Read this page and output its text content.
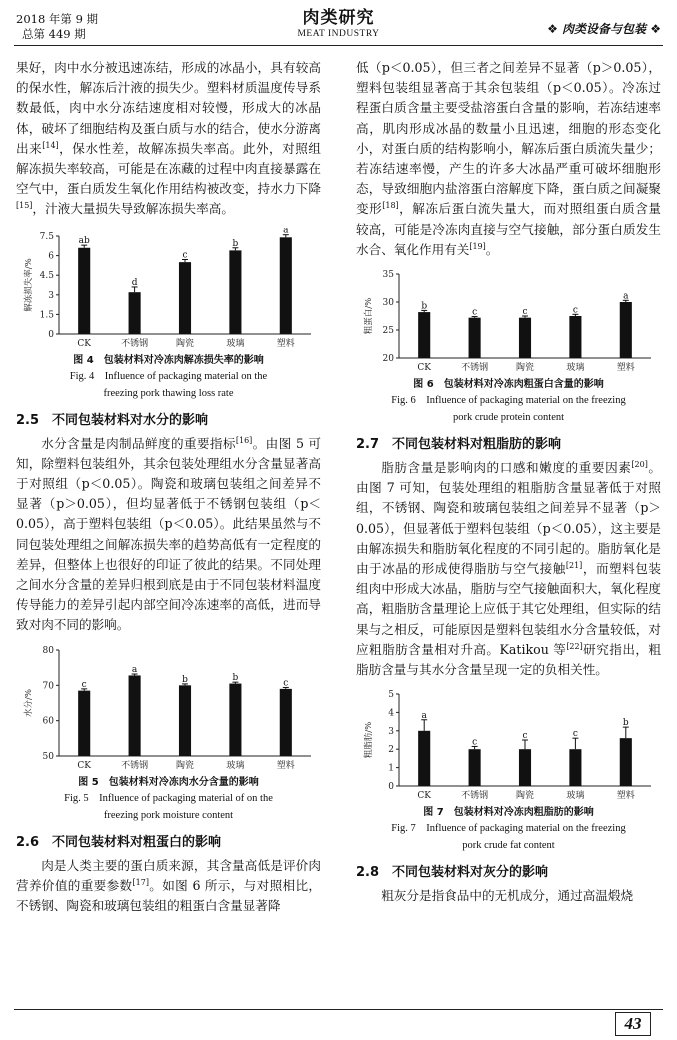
2018 年第 9 期
总第 449 期
肉类研究
MEAT INDUSTRY	❖ 肉类设备与包装 ❖

果好，肉中水分被迅速冻结，形成的冰晶小，具有较高的保水性，解冻后汁液的损失少。塑料材质温度传导系数最低，肉中水分冻结速度相对较慢，形成大的冰晶体，破坏了细胞结构及蛋白质与水的结合，使水分游离出来[14]，保水性差，故解冻损失率高。此外，对照组解冻损失率较高，可能是在冻藏的过程中肉直接暴露在空气中，蛋白质发生氧化作用结构被改变，持水力下降[15]，汁液大量损失导致解冻损失率高。

0
1.5
3
4.5
6
7.5
解冻损失率/%
ab
CK
d
不锈钢
c
陶瓷
b
玻璃
a
塑料
图 4　包装材料对冷冻肉解冻损失率的影响
Fig. 4　Influence of packaging material on the
freezing pork thawing loss rate
2.5　不同包装材料对水分的影响

水分含量是肉制品鲜度的重要指标[16]。由图 5 可知，除塑料包装组外，其余包装处理组水分含量显著高于对照组（p＜0.05）。陶瓷和玻璃包装组之间差异不显著（p＞0.05），但均显著低于不锈钢包装组（p＜0.05），高于塑料包装组（p＜0.05）。此结果虽然与不同包装处理组之间解冻损失率的趋势高低有一定程度的差异，但整体上也很好的印证了彼此的结果。不同处理之间水分含量的差异归根到底是由于不同包装材料温度传导能力的差异引起内部空间冷冻速率的高低，进而导致对肉不同的影响。

50
60
70
80
水分/%
c
CK
a
不锈钢
b
陶瓷
b
玻璃
c
塑料
图 5　包装材料对冷冻肉水分含量的影响
Fig. 5　Influence of packaging material of on the
freezing pork moisture content
2.6　不同包装材料对粗蛋白的影响

肉是人类主要的蛋白质来源，其含量高低是评价肉营养价值的重要参数[17]。如图 6 所示，与对照相比，不锈钢、陶瓷和玻璃包装组的粗蛋白含量显著降

低（p＜0.05），但三者之间差异不显著（p＞0.05），塑料包装组显著高于其余包装组（p＜0.05）。冷冻过程蛋白质含量主要受盐溶蛋白含量的影响，若冻结速率高，肌肉形成冰晶的数量小且迅速，细胞的形态变化小，对蛋白质的结构影响小，解冻后蛋白质流失量少；若冻结速率慢，产生的许多大冰晶严重可破坏细胞形态，导致细胞内盐溶蛋白溶解度下降，蛋白质之间凝聚变形[18]，解冻后蛋白流失量大，而对照组蛋白质含量较高，可能是冷冻肉直接与空气接触，部分蛋白质发生水合、氧化作用有关[19]。

20
25
30
35
粗蛋白/%	b
CK
c
不锈钢
c
陶瓷
c
玻璃
a
塑料
图 6　包装材料对冷冻肉粗蛋白含量的影响
Fig. 6　Influence of packaging material on the freezing
pork crude protein content
2.7　不同包装材料对粗脂肪的影响

脂肪含量是影响肉的口感和嫩度的重要因素[20]。由图 7 可知，包装处理组的粗脂肪含量显著低于对照组，不锈钢、陶瓷和玻璃包装组之间差异不显著（p＞0.05），但显著低于塑料包装组（p＜0.05），这主要是由解冻损失和脂肪氧化程度的不同引起的。脂肪氧化是由于冰晶的形成使得脂肪与空气接触[21]，而塑料包装组肉中形成大冰晶，脂肪与空气接触面积大，氧化程度高，粗脂肪含量理论上应低于其它处理组，但实际的结果与之相反，可能原因是塑料包装组水分含量较低，对应粗脂肪含量相对升高。Katikou 等[22]研究指出，粗脂肪含量与其水分含量呈现一定的负相关性。

0
1
2
3
4
5
粗脂肪/%
a
CK
c
不锈钢
c
陶瓷
c
玻璃
b
塑料
图 7　包装材料对冷冻肉粗脂肪的影响
Fig. 7　Influence of packaging material on the freezing
pork crude fat content
2.8　不同包装材料对灰分的影响

粗灰分是指食品中的无机成分，通过高温煅烧

43
